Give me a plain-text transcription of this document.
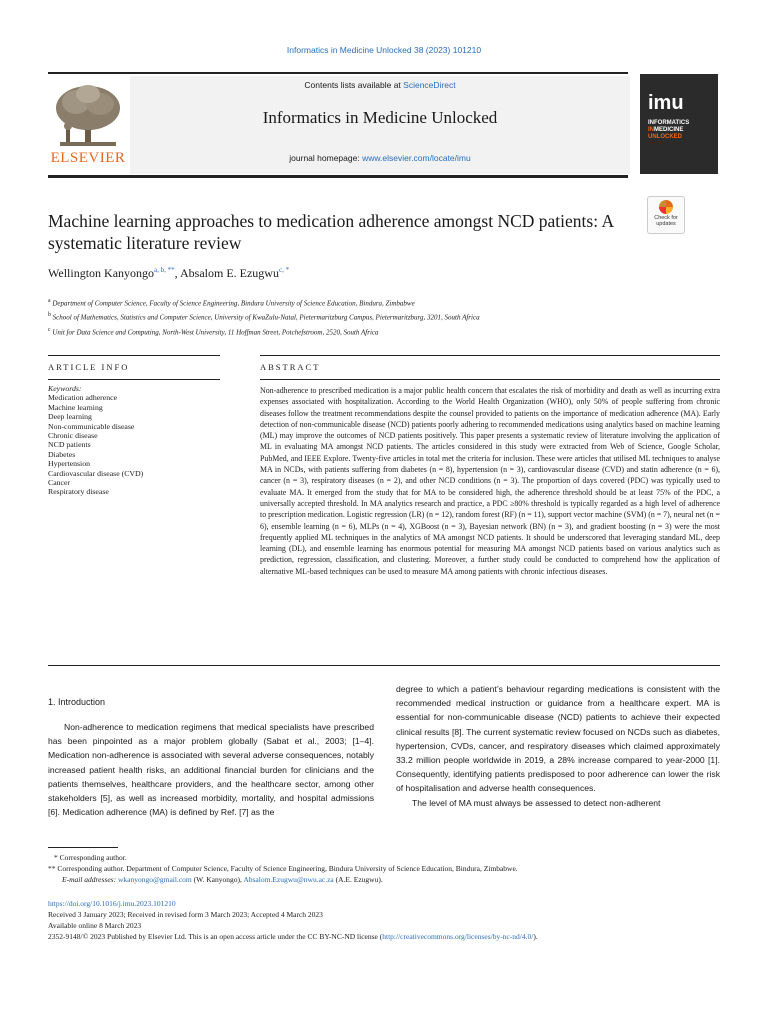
Informatics in Medicine Unlocked 38 (2023) 101210
Contents lists available at ScienceDirect
Informatics in Medicine Unlocked
journal homepage: www.elsevier.com/locate/imu
ELSEVIER
imu
INFORMATICS
INMEDICINE
UNLOCKED
Check for updates
Machine learning approaches to medication adherence amongst NCD patients: A systematic literature review
Wellington Kanyongo$^{a, b, **}$, Absalom E. Ezugwu$^{c, *}$
$^a$ Department of Computer Science, Faculty of Science Engineering, Bindura University of Science Education, Bindura, Zimbabwe
$^b$ School of Mathematics, Statistics and Computer Science, University of KwaZulu-Natal, Pietermaritzburg Campus, Pietermaritzburg, 3201, South Africa
$^c$ Unit for Data Science and Computing, North-West University, 11 Hoffman Street, Potchefstroom, 2520, South Africa
ARTICLE INFO	ABSTRACT
Keywords:
Medication adherence
Machine learning
Deep learning
Non-communicable disease
Chronic disease
NCD patients
Diabetes
Hypertension
Cardiovascular disease (CVD)
Cancer
Respiratory disease
Non-adherence to prescribed medication is a major public health concern that escalates the risk of morbidity and death as well as incurring extra expenses associated with hospitalization. According to the World Health Organization (WHO), only 50% of people suffering from chronic diseases follow the treatment recommendations despite the counsel provided to patients on the importance of medication adherence (MA). Early detection of non-communicable disease (NCD) patients poorly adhering to recommended medications using analytics based on machine learning (ML) may improve the outcomes of NCD patients positively. This paper presents a systematic review of literature involving the application of ML in evaluating MA amongst NCD patients. The articles considered in this study were extracted from Web of Science, Google Scholar, PubMed, and IEEE Explore. Twenty-five articles in total met the criteria for inclusion. These were articles that utilised ML techniques to analyse MA in NCDs, with patients suffering from diabetes (n = 8), hypertension (n = 3), cardiovascular disease (CVD) and statin adherence (n = 6), cancer (n = 3), respiratory diseases (n = 2), and other NCD conditions (n = 3). The proportion of days covered (PDC) was typically used to evaluate MA. It emerged from the study that for MA to be considered high, the adherence threshold should be at least 75% of the PDC, a universally accepted threshold. In MA analytics research and practice, a PDC ≥80% threshold is typically regarded as a high level of adherence to prescription medication. Logistic regression (LR) (n = 12), random forest (RF) (n = 11), support vector machine (SVM) (n = 7), neural net (n = 6), ensemble learning (n = 6), MLPs (n = 4), XGBoost (n = 3), Bayesian network (BN) (n = 3), and gradient boosting (n = 3) were the most frequently applied ML techniques in the analytics of MA amongst NCD patients. It should be underscored that leveraging standard ML, deep learning (DL), and ensemble learning has enormous potential for measuring MA amongst NCD patients based on various analytics such as prediction, regression, classification, and clustering. Moreover, a further study could be conducted to comprehend how the application of alternative ML-based techniques can be used to measure MA among patients with chronic infectious diseases.
1. Introduction

Non-adherence to medication regimens that medical specialists have prescribed has been pinpointed as a major problem globally (Sabat et al., 2003; [1–4]. Medication non-adherence is associated with several adverse consequences, notably increased patient health risks, an additional financial burden for clinicians and the patients themselves, healthcare providers, and the healthcare sector, among other stakeholders [5], as well as increased morbidity, mortality, and hospital admissions [6]. Medication adherence (MA) is defined by Ref. [7] as the

degree to which a patient’s behaviour regarding medications is consistent with the recommended medical instruction or guidance from a healthcare expert. MA is essential for non-communicable disease (NCD) patients to achieve their expected clinical results [8]. The current systematic review focused on NCDs such as diabetes, hypertension, CVDs, cancer, and respiratory diseases which claimed approximately 33.2 million people worldwide in 2019, a 28% increase compared to year-2000 [1]. Consequently, identifying patients predisposed to poor adherence can lower the risk of hospitalisation and adverse health consequences.

The level of MA must always be assessed to detect non-adherent

* Corresponding author.
** Corresponding author. Department of Computer Science, Faculty of Science Engineering, Bindura University of Science Education, Bindura, Zimbabwe.
E-mail addresses: wkanyongo@gmail.com (W. Kanyongo), Absalom.Ezugwu@nwu.ac.za (A.E. Ezugwu).
https://doi.org/10.1016/j.imu.2023.101210
Received 3 January 2023; Received in revised form 3 March 2023; Accepted 4 March 2023
Available online 8 March 2023
2352-9148/© 2023 Published by Elsevier Ltd. This is an open access article under the CC BY-NC-ND license (http://creativecommons.org/licenses/by-nc-nd/4.0/).
